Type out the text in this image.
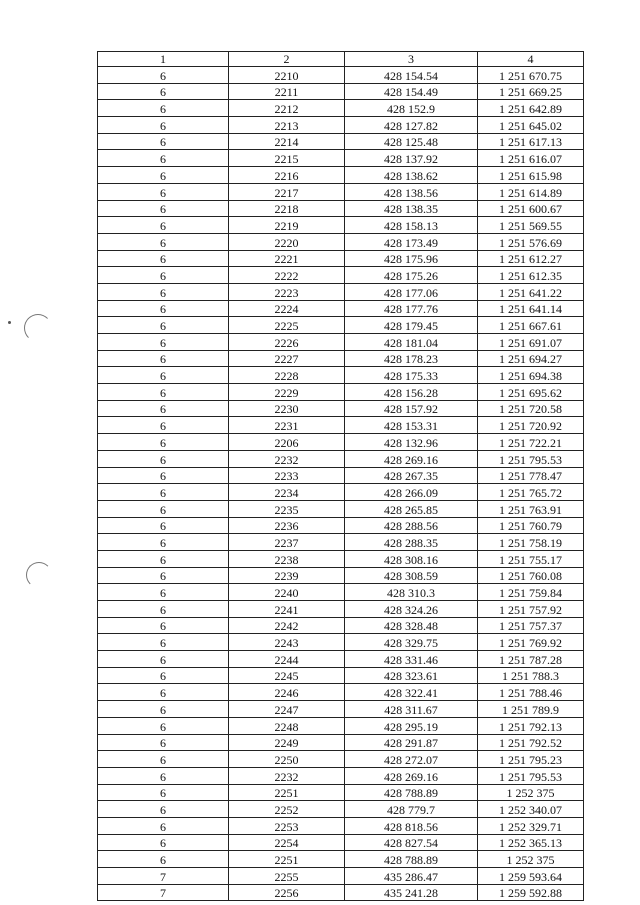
1	2	3	4
6	2210	428 154.54	1 251 670.75
6	2211	428 154.49	1 251 669.25
6	2212	428 152.9	1 251 642.89
6	2213	428 127.82	1 251 645.02
6	2214	428 125.48	1 251 617.13
6	2215	428 137.92	1 251 616.07
6	2216	428 138.62	1 251 615.98
6	2217	428 138.56	1 251 614.89
6	2218	428 138.35	1 251 600.67
6	2219	428 158.13	1 251 569.55
6	2220	428 173.49	1 251 576.69
6	2221	428 175.96	1 251 612.27
6	2222	428 175.26	1 251 612.35
6	2223	428 177.06	1 251 641.22
6	2224	428 177.76	1 251 641.14
6	2225	428 179.45	1 251 667.61
6	2226	428 181.04	1 251 691.07
6	2227	428 178.23	1 251 694.27
6	2228	428 175.33	1 251 694.38
6	2229	428 156.28	1 251 695.62
6	2230	428 157.92	1 251 720.58
6	2231	428 153.31	1 251 720.92
6	2206	428 132.96	1 251 722.21
6	2232	428 269.16	1 251 795.53
6	2233	428 267.35	1 251 778.47
6	2234	428 266.09	1 251 765.72
6	2235	428 265.85	1 251 763.91
6	2236	428 288.56	1 251 760.79
6	2237	428 288.35	1 251 758.19
6	2238	428 308.16	1 251 755.17
6	2239	428 308.59	1 251 760.08
6	2240	428 310.3	1 251 759.84
6	2241	428 324.26	1 251 757.92
6	2242	428 328.48	1 251 757.37
6	2243	428 329.75	1 251 769.92
6	2244	428 331.46	1 251 787.28
6	2245	428 323.61	1 251 788.3
6	2246	428 322.41	1 251 788.46
6	2247	428 311.67	1 251 789.9
6	2248	428 295.19	1 251 792.13
6	2249	428 291.87	1 251 792.52
6	2250	428 272.07	1 251 795.23
6	2232	428 269.16	1 251 795.53
6	2251	428 788.89	1 252 375
6	2252	428 779.7	1 252 340.07
6	2253	428 818.56	1 252 329.71
6	2254	428 827.54	1 252 365.13
6	2251	428 788.89	1 252 375
7	2255	435 286.47	1 259 593.64
7	2256	435 241.28	1 259 592.88
